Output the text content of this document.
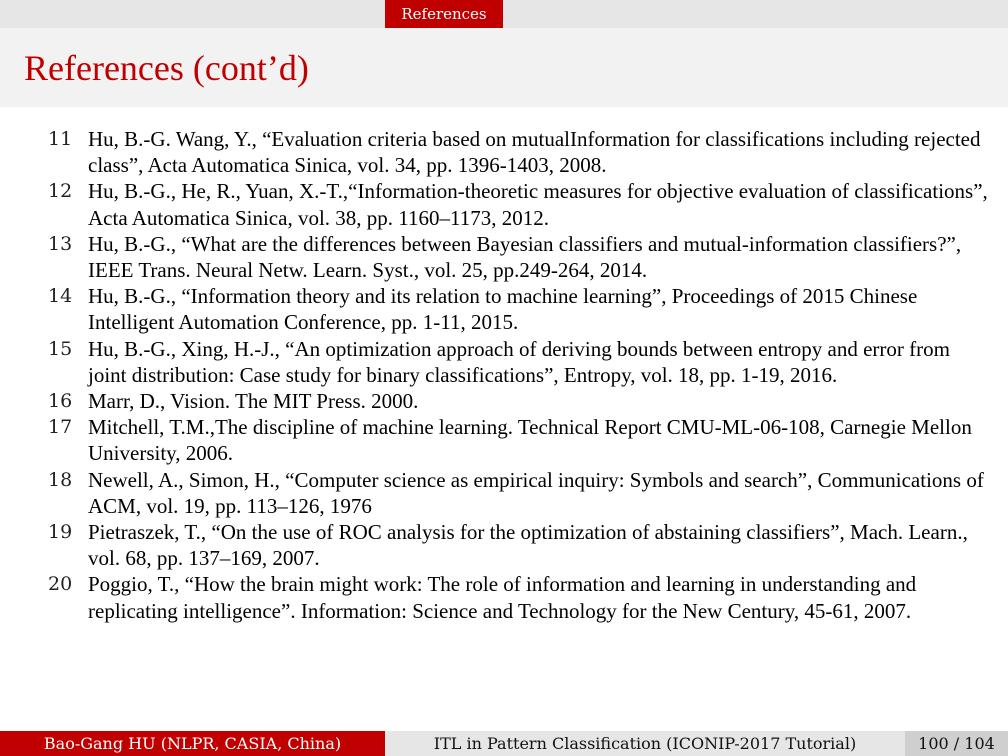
References
References (cont’d)
11 Hu, B.-G. Wang, Y., “Evaluation criteria based on mutualInformation for classifications including rejected class”, Acta Automatica Sinica, vol. 34, pp. 1396-1403, 2008.
12 Hu, B.-G., He, R., Yuan, X.-T.,“Information-theoretic measures for objective evaluation of classifications”, Acta Automatica Sinica, vol. 38, pp. 1160–1173, 2012.
13 Hu, B.-G., “What are the differences between Bayesian classifiers and mutual-information classifiers?”, IEEE Trans. Neural Netw. Learn. Syst., vol. 25, pp.249-264, 2014.
14 Hu, B.-G., “Information theory and its relation to machine learning”, Proceedings of 2015 Chinese Intelligent Automation Conference, pp. 1-11, 2015.
15 Hu, B.-G., Xing, H.-J., “An optimization approach of deriving bounds between entropy and error from joint distribution: Case study for binary classifications”, Entropy, vol. 18, pp. 1-19, 2016.
16 Marr, D., Vision. The MIT Press. 2000.
17 Mitchell, T.M.,The discipline of machine learning. Technical Report CMU-ML-06-108, Carnegie Mellon University, 2006.
18 Newell, A., Simon, H., “Computer science as empirical inquiry: Symbols and search”, Communications of ACM, vol. 19, pp. 113–126, 1976
19 Pietraszek, T., “On the use of ROC analysis for the optimization of abstaining classifiers”, Mach. Learn., vol. 68, pp. 137–169, 2007.
20 Poggio, T., “How the brain might work: The role of information and learning in understanding and replicating intelligence”. Information: Science and Technology for the New Century, 45-61, 2007.
Bao-Gang HU (NLPR, CASIA, China)	ITL in Pattern Classification (ICONIP-2017 Tutorial)	100 / 104
